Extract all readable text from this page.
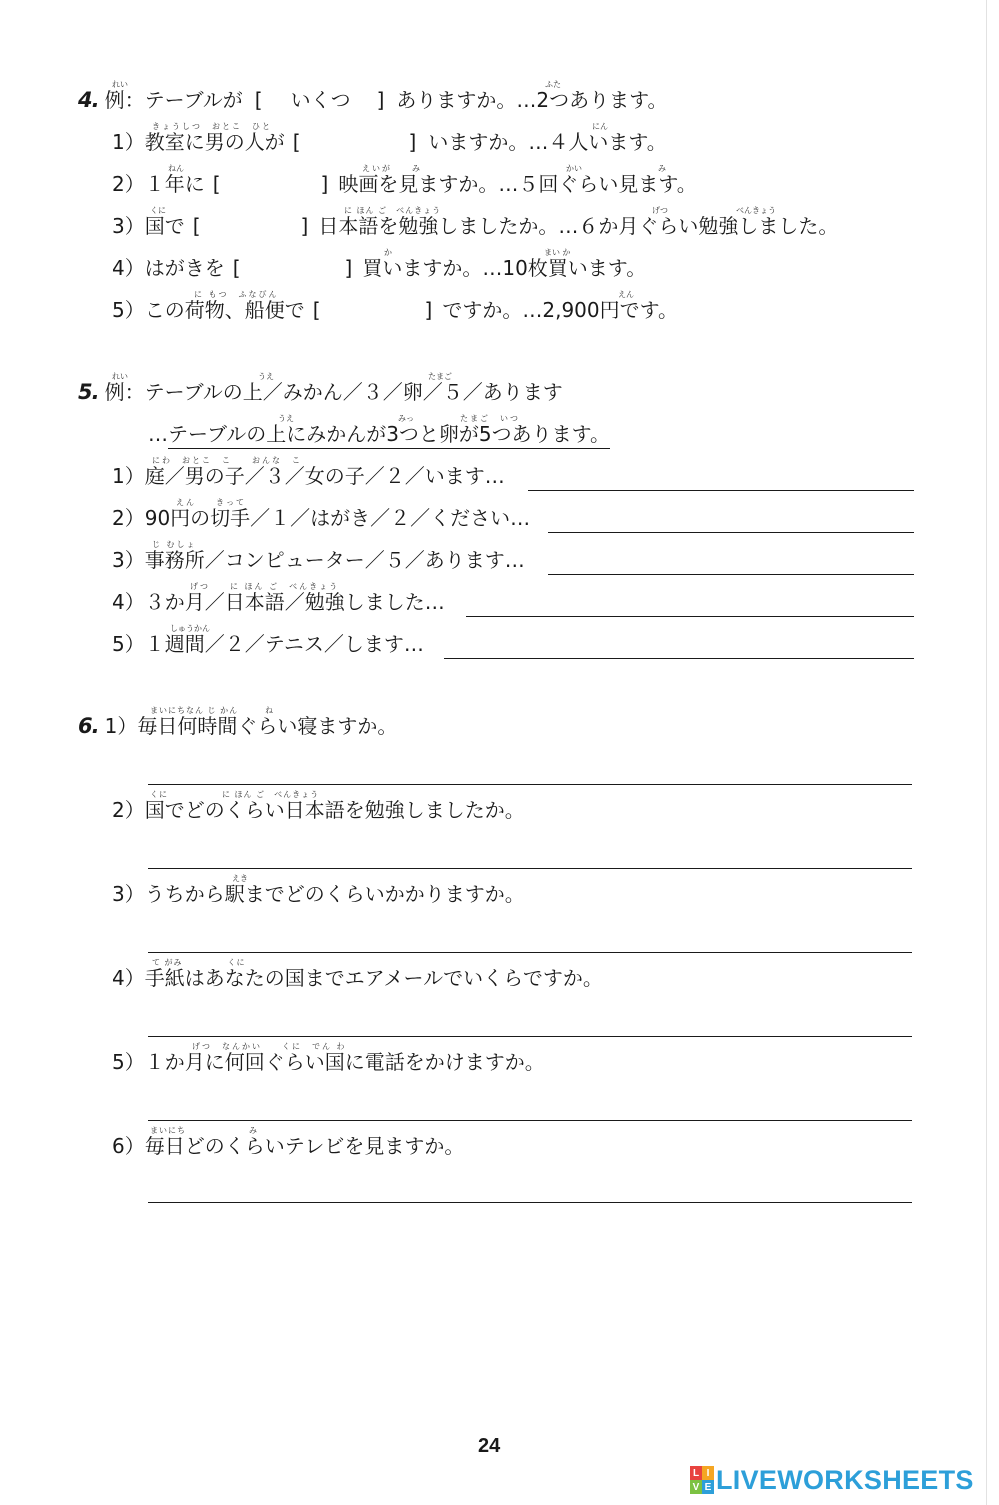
れい	ふた
4. 例：テーブルが [ いくつ ] ありますか。…2つあります。
きょうしつ　おとこ　ひと	にん
1）教室に男の人が [	] いますか。…４人います。
ねん	えいが　　み	かい	み
2）１年に [	] 映画を見ますか。…５回ぐらい見ます。
くに	に ほん ご　べんきょう	げつ	べんきょう
3）国で [	] 日本語を勉強しましたか。…６か月ぐらい勉強しました。
か	まい か
4）はがきを [	] 買いますか。…10枚買います。
に もつ　ふなびん	えん
5）この荷物、船便で [	] ですか。…2,900円です。
れい	うえ	たまご
5. 例：テーブルの上／みかん／３／卵／５／あります
うえ	みっ	たまご　いつ
…テーブルの上にみかんが3つと卵が5つあります。
にわ　おとこ　こ　　おんな　こ
1）庭／男の子／３／女の子／２／います…
えん　　きって
2）90円の切手／１／はがき／２／ください…
じ むしょ
3）事務所／コンピューター／５／あります…
げつ　　に ほん ご　べんきょう
4）３か月／日本語／勉強しました…
しゅうかん
5）１週間／２／テニス／します…
まいにちなん じ かん　　　ね
6. 1）毎日何時間ぐらい寝ますか。
くに　　　　　　に ほん ご　べんきょう
2）国でどのくらい日本語を勉強しましたか。
えき
3）うちから駅までどのくらいかかりますか。
て がみ　　　　　くに
4）手紙はあなたの国までエアメールでいくらですか。
げつ　なんかい　　くに　でん わ
5）１か月に何回ぐらい国に電話をかけますか。
まいにち　　　　　　　み
6）毎日どのくらいテレビを見ますか。
24
L I
V E LIVEWORKSHEETS
